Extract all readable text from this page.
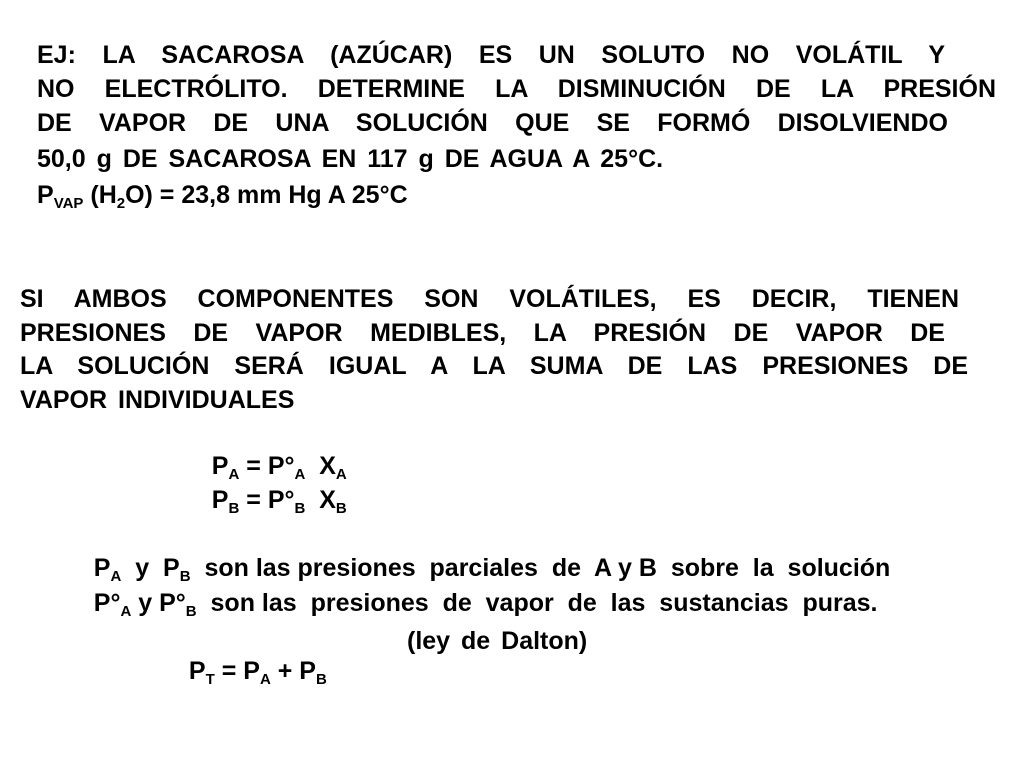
EJ: LA SACAROSA (AZÚCAR) ES UN SOLUTO NO VOLÁTIL Y
NO ELECTRÓLITO. DETERMINE LA DISMINUCIÓN DE LA PRESIÓN
DE VAPOR DE UNA SOLUCIÓN QUE SE FORMÓ DISOLVIENDO
50,0 g DE SACAROSA EN 117 g DE AGUA A 25°C.
$P_{VAP}$ $(H_2O) = 23,8$ mm Hg A 25°C
SI AMBOS COMPONENTES SON VOLÁTILES, ES DECIR, TIENEN
PRESIONES DE VAPOR MEDIBLES, LA PRESIÓN DE VAPOR DE
LA SOLUCIÓN SERÁ IGUAL A LA SUMA DE LAS PRESIONES DE
VAPOR INDIVIDUALES

$P_A = P^\circ_A$  $X_A$

$P_B = P^\circ_B$  $X_B$

$P_A$  y  $P_B$  son las presiones  parciales  de  A y B  sobre  la  solución

$P^\circ_A$ y $P^\circ_B$  son las  presiones  de  vapor  de  las  sustancias  puras.

$P_T = P_A + P_B$

(ley de Dalton)
